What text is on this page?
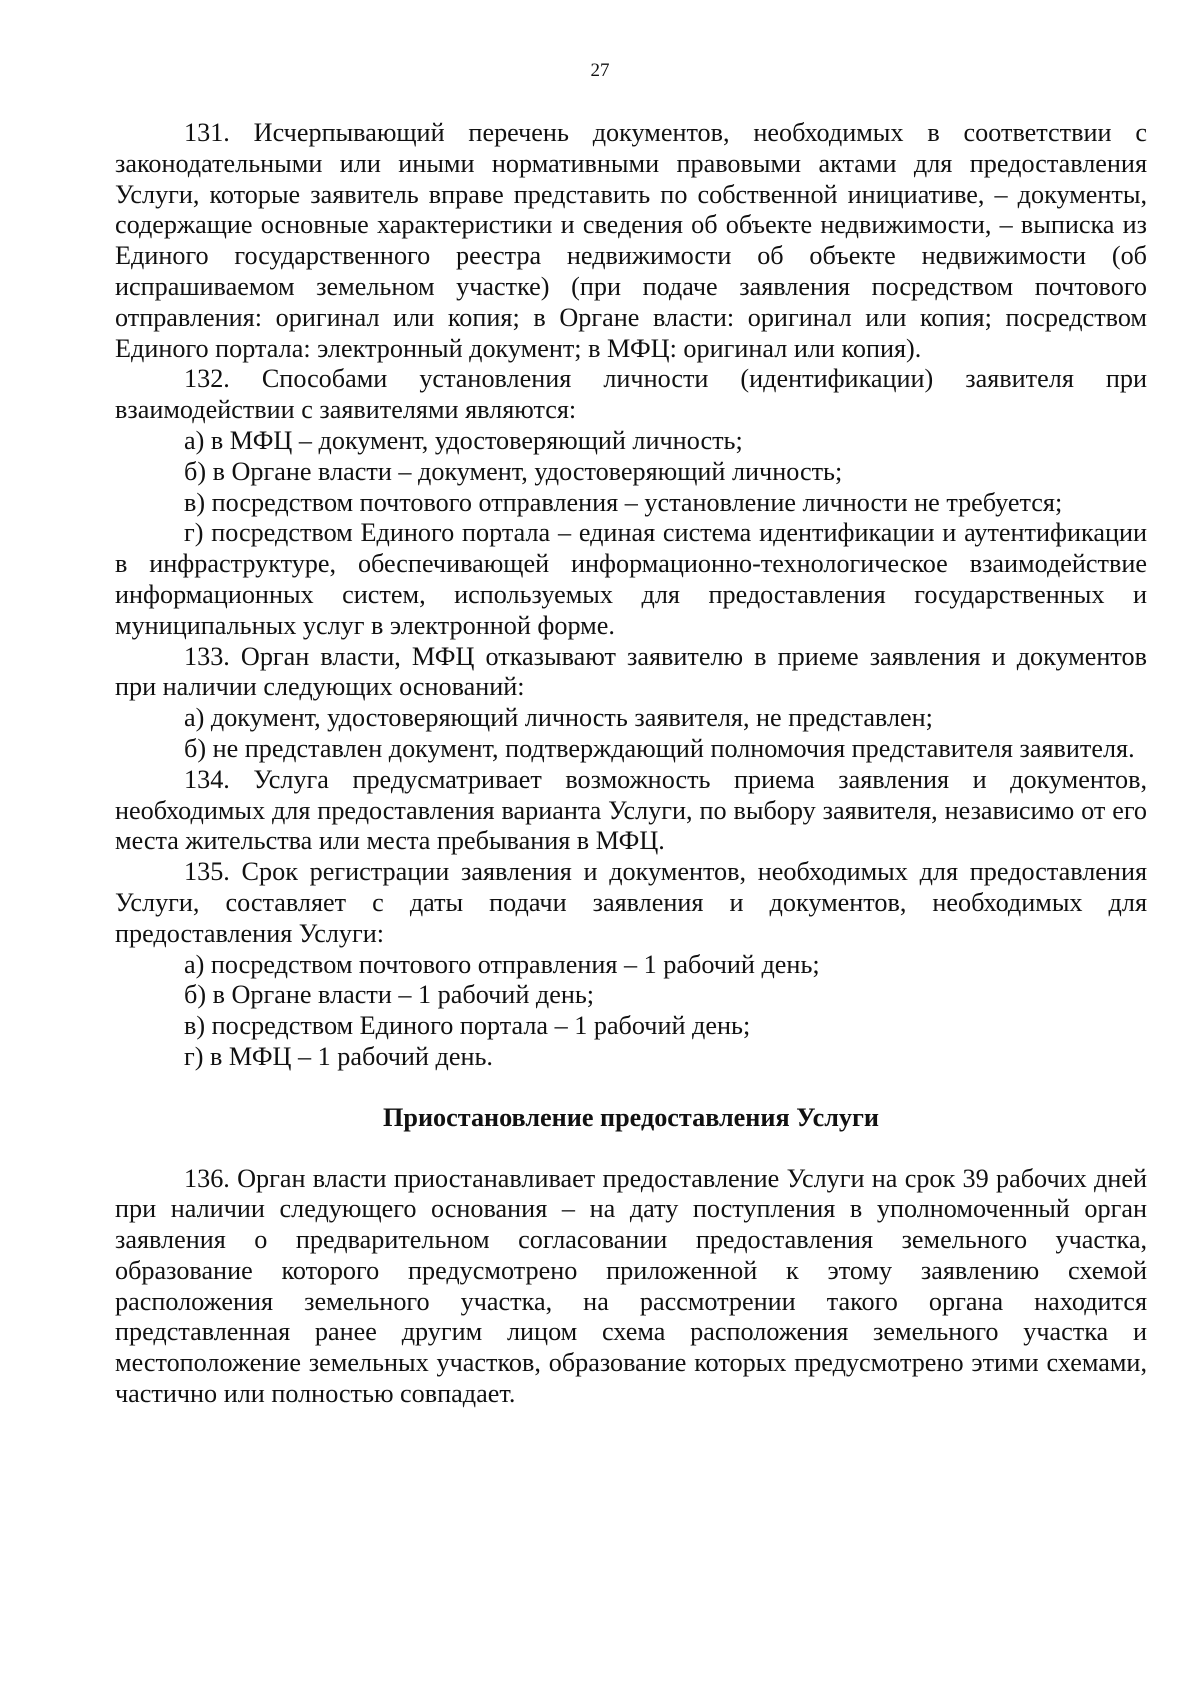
27

131. Исчерпывающий перечень документов, необходимых в соответствии с законодательными или иными нормативными правовыми актами для предоставления Услуги, которые заявитель вправе представить по собственной инициативе, – документы, содержащие основные характеристики и сведения об объекте недвижимости, – выписка из Единого государственного реестра недвижимости об объекте недвижимости (об испрашиваемом земельном участке) (при подаче заявления посредством почтового отправления: оригинал или копия; в Органе власти: оригинал или копия; посредством Единого портала: электронный документ; в МФЦ: оригинал или копия).

132. Способами установления личности (идентификации) заявителя при взаимодействии с заявителями являются:

а) в МФЦ – документ, удостоверяющий личность;

б) в Органе власти – документ, удостоверяющий личность;

в) посредством почтового отправления – установление личности не требуется;

г) посредством Единого портала – единая система идентификации и аутентификации в инфраструктуре, обеспечивающей информационно-технологическое взаимодействие информационных систем, используемых для предоставления государственных и муниципальных услуг в электронной форме.

133. Орган власти, МФЦ отказывают заявителю в приеме заявления и документов при наличии следующих оснований:

а) документ, удостоверяющий личность заявителя, не представлен;

б) не представлен документ, подтверждающий полномочия представителя заявителя.

134. Услуга предусматривает возможность приема заявления и документов, необходимых для предоставления варианта Услуги, по выбору заявителя, независимо от его места жительства или места пребывания в МФЦ.

135. Срок регистрации заявления и документов, необходимых для предоставления Услуги, составляет с даты подачи заявления и документов, необходимых для предоставления Услуги:

а) посредством почтового отправления – 1 рабочий день;

б) в Органе власти – 1 рабочий день;

в) посредством Единого портала – 1 рабочий день;

г) в МФЦ – 1 рабочий день.

Приостановление предоставления Услуги

136. Орган власти приостанавливает предоставление Услуги на срок 39 рабочих дней при наличии следующего основания – на дату поступления в уполномоченный орган заявления о предварительном согласовании предоставления земельного участка, образование которого предусмотрено приложенной к этому заявлению схемой расположения земельного участка, на рассмотрении такого органа находится представленная ранее другим лицом схема расположения земельного участка и местоположение земельных участков, образование которых предусмотрено этими схемами, частично или полностью совпадает.
